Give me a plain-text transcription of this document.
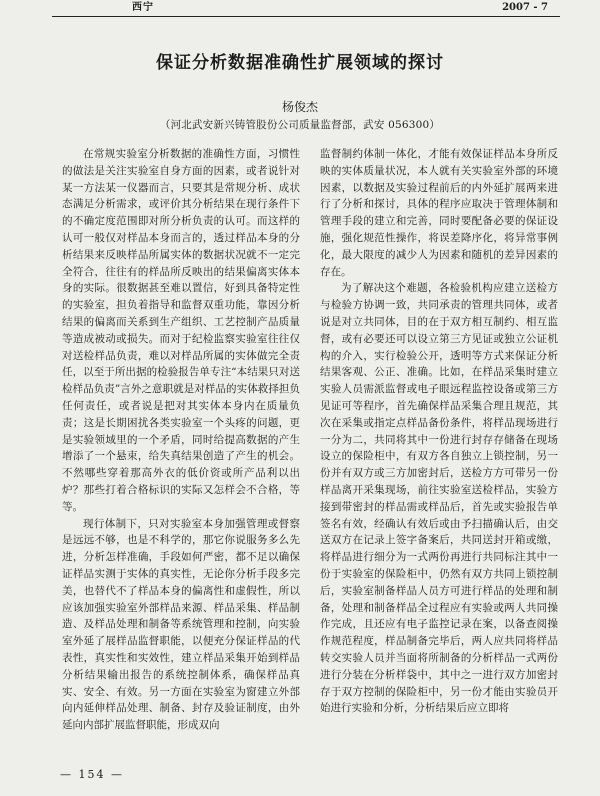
西宁	2007 - 7
保证分析数据准确性扩展领域的探讨
杨俊杰
（河北武安新兴铸管股份公司质量监督部，武安 056300）

在常规实验室分析数据的准确性方面，习惯性的做法是关注实验室自身方面的因素，或者说针对某一方法某一仪器而言，只要其是常规分析、成状态满足分析需求，或评价其分析结果在现行条件下的不确定度范围即对所分析负责的认可。而这样的认可一般仅对样品本身而言的，透过样品本身的分析结果来反映样品所属实体的数据状况就不一定完全符合，往往有的样品所反映出的结果偏离实体本身的实际。很数据甚至难以置信，好到具备特定性的实验室，担负着指导和监督双重功能，靠因分析结果的偏离而关系到生产组织、工艺控制产品质量等造成被动或损失。而对于纪检监察实验室往往仅对送检样品负责，难以对样品所属的实体做完全责任，以至于所出据的检验报告单专注“本结果只对送检样品负责”言外之意职就是对样品的实体救择担负任何责任，或者说是把对其实体本身内在质量负责；这是长期困扰各类实验室一个头疼的问题，更是实验领域里的一个矛盾，同时给提高数据的产生增添了一个悬束，给失真结果创造了产生的机会。不然哪些穿着那高外衣的低价资或所产品利以出炉？那些打着合格标识的实际又怎样会不合格，等等。

现行体制下，只对实验室本身加强管理或督察是远远不够，也是不科学的，那它你说服务多么先进，分析怎样准确，手段如何严密，都不足以确保证样品实测于实体的真实性，无论你分析手段多完美，也替代不了样品本身的偏离性和虚假性，所以应该加强实验室外部样品来源、样品采集、样品制造、及样品处理和制备等系统管理和控制，向实验室外延了展样品监督职能，以便充分保证样品的代表性，真实性和实效性，建立样品采集开始到样品分析结果输出报告的系统控制体系，确保样品真实、安全、有效。另一方面在实验室为窗建立外部向内延伸样品处理、制备、封存及验证制度，由外延向内部扩展监督职能，形成双向

监督制约体制一体化，才能有效保证样品本身所反映的实体质量状况，本人就有关实验室外部的环境因素，以数据及实验过程前后的内外延扩展两来进行了分析和探讨，具体的程序应取决于管理体制和管理手段的建立和完善，同时要配备必要的保证设施，强化规范性操作，将误差降序化，将异常事例化，最大限度的减少人为因素和随机的差异因素的存在。

为了解决这个难题，各检验机构应建立送检方与检验方协调一致，共同承责的管理共同体，或者说是对立共同体，目的在于双方相互制约、相互监督，或有必要还可以设立第三方见证或独立公证机构的介入，实行检验公开，透明等方式来保证分析结果客观、公正、准确。比如，在样品采集时建立实验人员需派监督或电子眼远程监控设备或第三方见证可等程序，首先确保样品采集合理且规范，其次在采集或指定点样品备份条件，将样品现场进行一分为二，共同将其中一份进行封存存储备在现场设立的保险柜中，有双方各自独立上锁控制，另一份并有双方或三方加密封后，送检方方可带另一份样品离开采集现场，前往实验室送检样品，实验方接到带密封的样品需或样品后，首先或实验报告单签名有效，经确认有效后或由予扫描确认后，由交送双方在记录上签字备案后，共同送封开箱或缴，将样品进行细分为一式两份再进行共同标注其中一份于实验室的保险柜中，仍然有双方共同上锁控制后，实验室制备样品人员方可进行样品的处理和制备，处理和制备样品全过程应有实验或两人共同操作完成，且还应有电子监控记录在案，以备查阅操作规范程度，样品制备完毕后，两人应共同将样品转交实验人员并当面将所制备的分析样品一式两份进行分装在分析样袋中，其中之一进行双方加密封存于双方控制的保险柜中，另一份才能由实验员开始进行实验和分析，分析结果后应立即将

— 154 —
